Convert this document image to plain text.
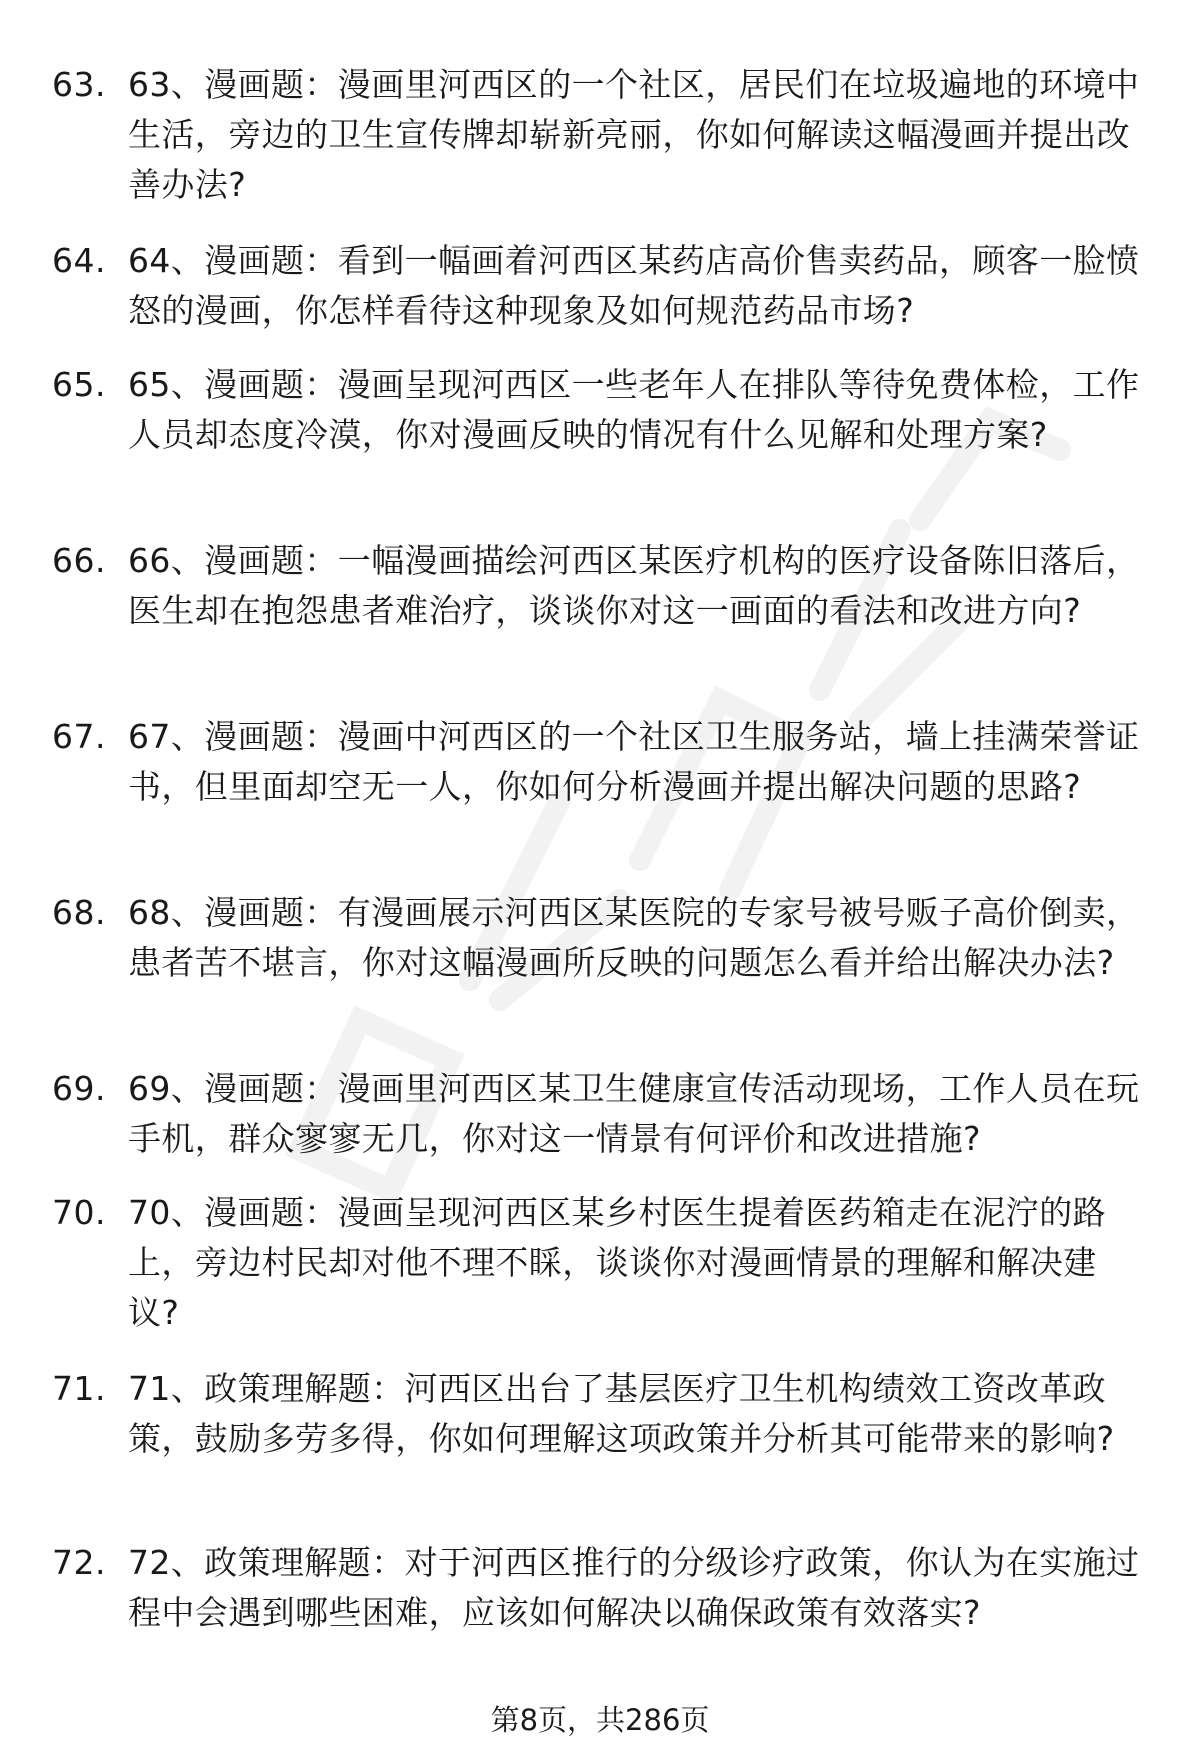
63. 63、漫画题：漫画里河西区的一个社区，居民们在垃圾遍地的环境中生活，旁边的卫生宣传牌却崭新亮丽，你如何解读这幅漫画并提出改善办法?
64. 64、漫画题：看到一幅画着河西区某药店高价售卖药品，顾客一脸愤怒的漫画，你怎样看待这种现象及如何规范药品市场?
65. 65、漫画题：漫画呈现河西区一些老年人在排队等待免费体检，工作人员却态度冷漠，你对漫画反映的情况有什么见解和处理方案?
66. 66、漫画题：一幅漫画描绘河西区某医疗机构的医疗设备陈旧落后，医生却在抱怨患者难治疗，谈谈你对这一画面的看法和改进方向?
67. 67、漫画题：漫画中河西区的一个社区卫生服务站，墙上挂满荣誉证书，但里面却空无一人，你如何分析漫画并提出解决问题的思路?
68. 68、漫画题：有漫画展示河西区某医院的专家号被号贩子高价倒卖，患者苦不堪言，你对这幅漫画所反映的问题怎么看并给出解决办法?
69. 69、漫画题：漫画里河西区某卫生健康宣传活动现场，工作人员在玩手机，群众寥寥无几，你对这一情景有何评价和改进措施?
70. 70、漫画题：漫画呈现河西区某乡村医生提着医药箱走在泥泞的路上，旁边村民却对他不理不睬，谈谈你对漫画情景的理解和解决建议?
71. 71、政策理解题：河西区出台了基层医疗卫生机构绩效工资改革政策，鼓励多劳多得，你如何理解这项政策并分析其可能带来的影响?
72. 72、政策理解题：对于河西区推行的分级诊疗政策，你认为在实施过程中会遇到哪些困难，应该如何解决以确保政策有效落实?
第8页，共286页
